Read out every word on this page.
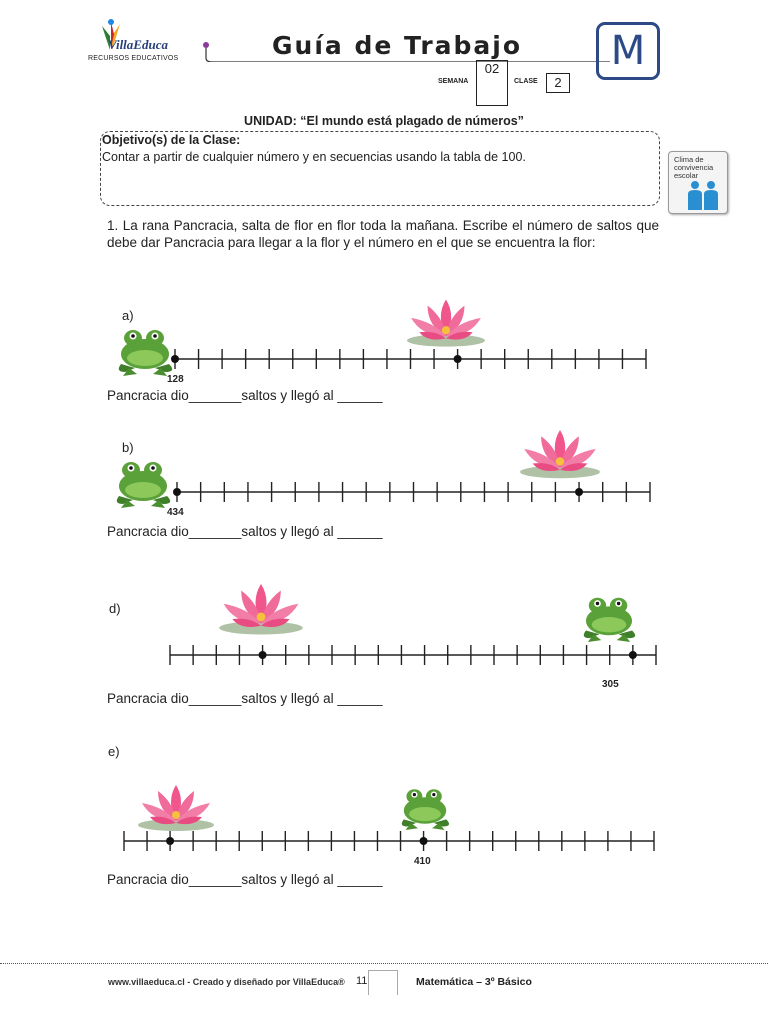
VillaEduca
RECURSOS EDUCATIVOS	Guía de Trabajo M
SEMANA
02
CLASE	2
UNIDAD: “El mundo está plagado de números”
Objetivo(s) de la Clase:
Contar a partir de cualquier número y en secuencias usando la tabla de 100.	Clima de
convivencia
escolar
1. La rana Pancracia, salta de flor en flor toda la mañana. Escribe el número de saltos que debe dar Pancracia para llegar a la flor y el número en el que se encuentra la flor:
a)
128
Pancracia dio_______saltos y llegó al ______
b)
434
Pancracia dio_______saltos y llegó al ______
d)
305
Pancracia dio_______saltos y llegó al ______
e)
410
Pancracia dio_______saltos y llegó al ______
www.villaeduca.cl - Creado y diseñado por VillaEduca® 11	Matemática – 3º Básico
